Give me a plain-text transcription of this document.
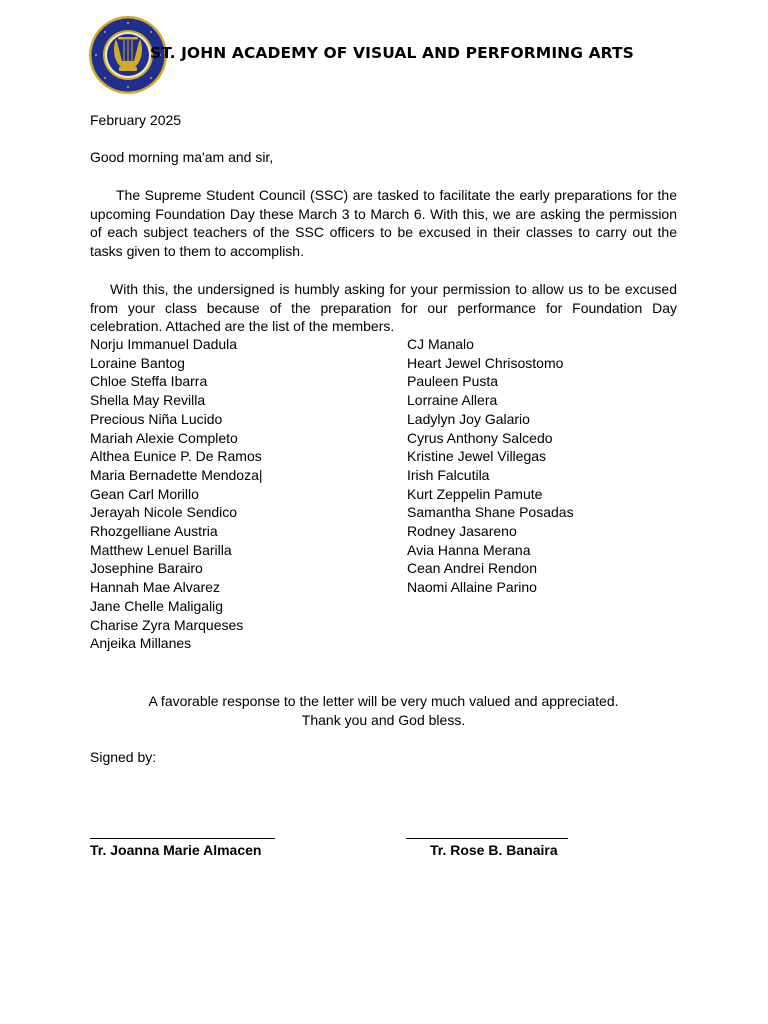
ST. JOHN ACADEMY OF VISUAL AND PERFORMING ARTS
February 2025
Good morning ma'am and sir,
The Supreme Student Council (SSC) are tasked to facilitate the early preparations for the upcoming Foundation Day these March 3 to March 6. With this, we are asking the permission of each subject teachers of the SSC officers to be excused in their classes to carry out the tasks given to them to accomplish.
With this, the undersigned is humbly asking for your permission to allow us to be excused from your class because of the preparation for our performance for Foundation Day celebration. Attached are the list of the members.
Norju Immanuel Dadula
Loraine Bantog
Chloe Steffa Ibarra
Shella May Revilla
Precious Niña Lucido
Mariah Alexie Completo
Althea Eunice P. De Ramos
Maria Bernadette Mendoza|
Gean Carl Morillo
Jerayah Nicole Sendico
Rhozgelliane Austria
Matthew Lenuel Barilla
Josephine Barairo
Hannah Mae Alvarez
Jane Chelle Maligalig
Charise Zyra Marqueses
Anjeika Millanes
CJ Manalo
Heart Jewel Chrisostomo
Pauleen Pusta
Lorraine Allera
Ladylyn Joy Galario
Cyrus Anthony Salcedo
Kristine Jewel Villegas
Irish Falcutila
Kurt Zeppelin Pamute
Samantha Shane Posadas
Rodney Jasareno
Avia Hanna Merana
Cean Andrei Rendon
Naomi Allaine Parino
A favorable response to the letter will be very much valued and appreciated.
Thank you and God bless.
Signed by:
Tr. Joanna Marie Almacen	Tr. Rose B. Banaira
